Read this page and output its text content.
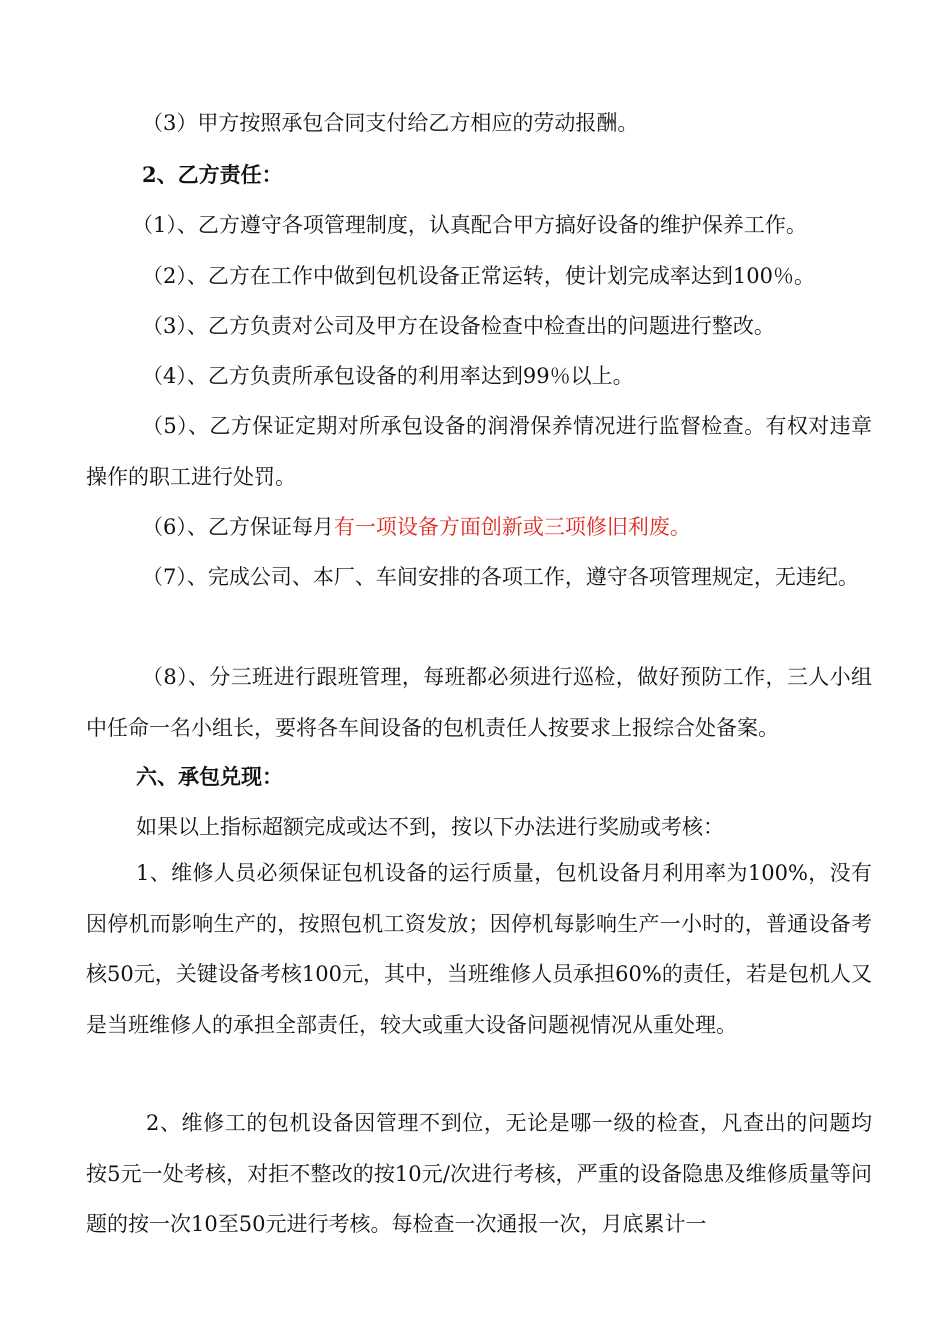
（3）甲方按照承包合同支付给乙方相应的劳动报酬。

2、乙方责任：

（1）、乙方遵守各项管理制度，认真配合甲方搞好设备的维护保养工作。

（2）、乙方在工作中做到包机设备正常运转，使计划完成率达到100％。

（3）、乙方负责对公司及甲方在设备检查中检查出的问题进行整改。

（4）、乙方负责所承包设备的利用率达到99％以上。

（5）、乙方保证定期对所承包设备的润滑保养情况进行监督检查。有权对违章操作的职工进行处罚。

（6）、乙方保证每月有一项设备方面创新或三项修旧利废。

（7）、完成公司、本厂、车间安排的各项工作，遵守各项管理规定，无违纪。

（8）、分三班进行跟班管理，每班都必须进行巡检，做好预防工作，三人小组中任命一名小组长，要将各车间设备的包机责任人按要求上报综合处备案。

六、承包兑现：

如果以上指标超额完成或达不到，按以下办法进行奖励或考核：

1、维修人员必须保证包机设备的运行质量，包机设备月利用率为100%，没有因停机而影响生产的，按照包机工资发放；因停机每影响生产一小时的，普通设备考核50元，关键设备考核100元，其中，当班维修人员承担60%的责任，若是包机人又是当班维修人的承担全部责任，较大或重大设备问题视情况从重处理。

2、维修工的包机设备因管理不到位，无论是哪一级的检查，凡查出的问题均按5元一处考核，对拒不整改的按10元/次进行考核，严重的设备隐患及维修质量等问题的按一次10至50元进行考核。每检查一次通报一次，月底累计一
